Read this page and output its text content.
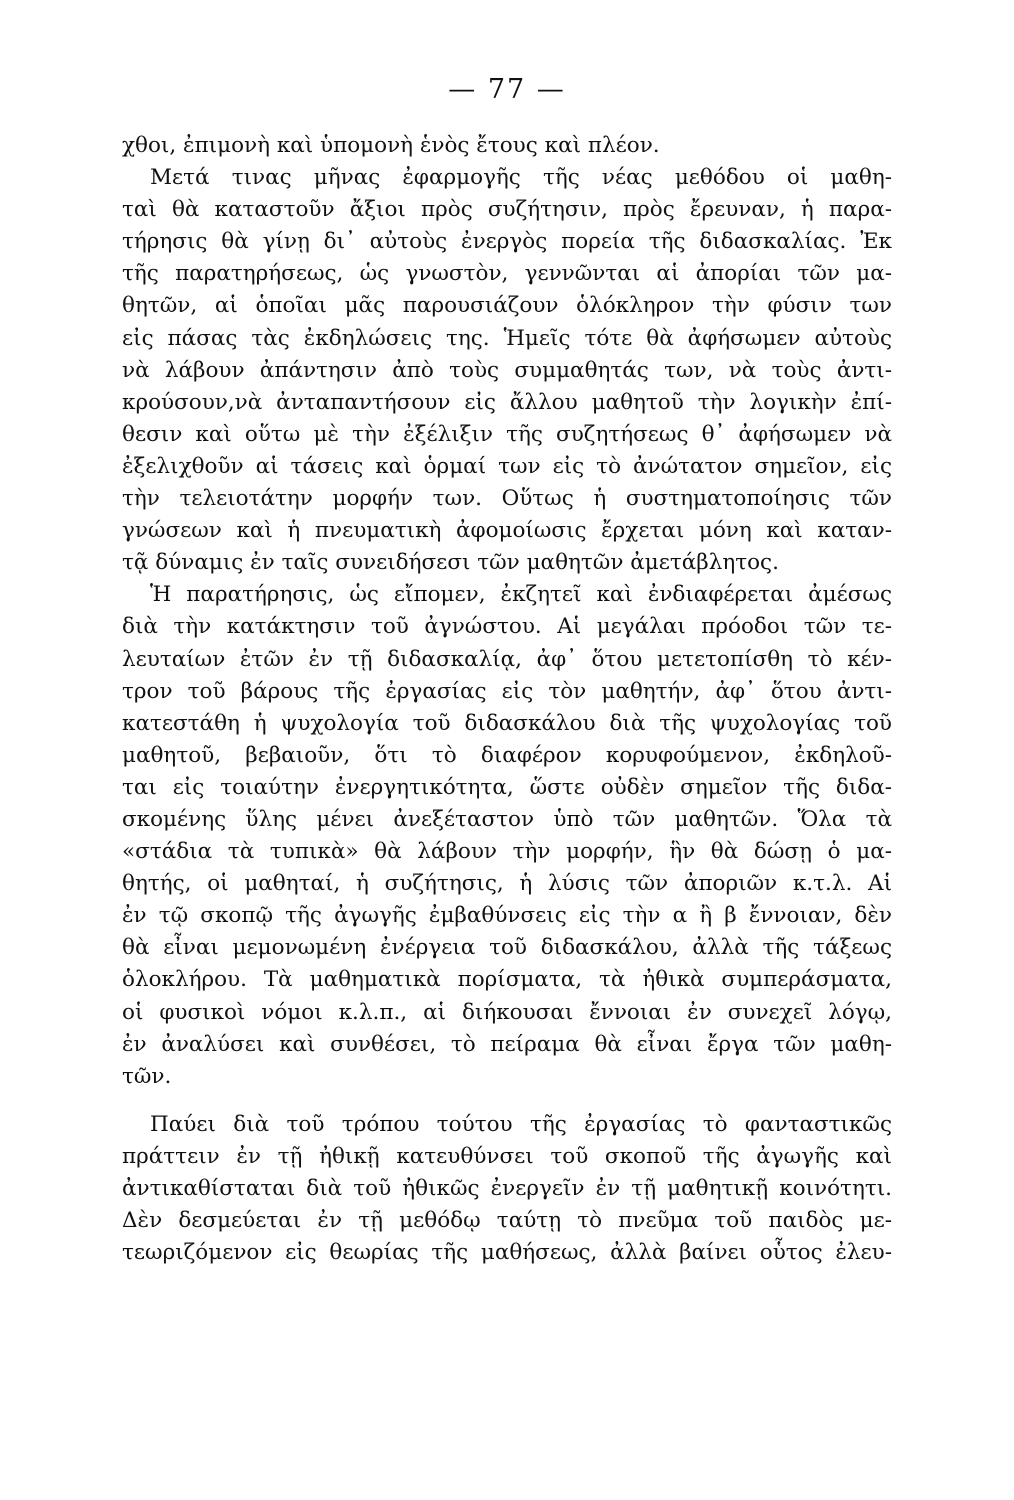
— 77 —
χθοι, ἐπιμονὴ καὶ ὑπομονὴ ἑνὸς ἔτους καὶ πλέον.
Μετά τινας μῆνας ἐφαρμογῆς τῆς νέας μεθόδου οἱ μαθη-
ταὶ θὰ καταστοῦν ἄξιοι πρὸς συζήτησιν, πρὸς ἔρευναν, ἡ παρα-
τήρησις θὰ γίνῃ δι᾽ αὐτοὺς ἐνεργὸς πορεία τῆς διδασκαλίας. Ἐκ
τῆς παρατηρήσεως, ὡς γνωστὸν, γεννῶνται αἱ ἀπορίαι τῶν μα-
θητῶν, αἱ ὁποῖαι μᾶς παρουσιάζουν ὁλόκληρον τὴν φύσιν των
εἰς πάσας τὰς ἐκδηλώσεις της. Ἡμεῖς τότε θὰ ἀφήσωμεν αὐτοὺς
νὰ λάβουν ἀπάντησιν ἀπὸ τοὺς συμμαθητάς των, νὰ τοὺς ἀντι-
κρούσουν,νὰ ἀνταπαντήσουν εἰς ἄλλου μαθητοῦ τὴν λογικὴν ἐπί-
θεσιν καὶ οὕτω μὲ τὴν ἐξέλιξιν τῆς συζητήσεως θ᾽ ἀφήσωμεν νὰ
ἐξελιχθοῦν αἱ τάσεις καὶ ὁρμαί των εἰς τὸ ἀνώτατον σημεῖον, εἰς
τὴν τελειοτάτην μορφήν των. Οὕτως ἡ συστηματοποίησις τῶν
γνώσεων καὶ ἡ πνευματικὴ ἀφομοίωσις ἔρχεται μόνη καὶ καταν-
τᾷ δύναμις ἐν ταῖς συνειδήσεσι τῶν μαθητῶν ἀμετάβλητος.
Ἡ παρατήρησις, ὡς εἴπομεν, ἐκζητεῖ καὶ ἐνδιαφέρεται ἀμέσως
διὰ τὴν κατάκτησιν τοῦ ἀγνώστου. Αἱ μεγάλαι πρόοδοι τῶν τε-
λευταίων ἐτῶν ἐν τῇ διδασκαλίᾳ, ἀφ᾽ ὅτου μετετοπίσθη τὸ κέν-
τρον τοῦ βάρους τῆς ἐργασίας εἰς τὸν μαθητήν, ἀφ᾽ ὅτου ἀντι-
κατεστάθη ἡ ψυχολογία τοῦ διδασκάλου διὰ τῆς ψυχολογίας τοῦ
μαθητοῦ, βεβαιοῦν, ὅτι τὸ διαφέρον κορυφούμενον, ἐκδηλοῦ-
ται εἰς τοιαύτην ἐνεργητικότητα, ὥστε οὐδὲν σημεῖον τῆς διδα-
σκομένης ὕλης μένει ἀνεξέταστον ὑπὸ τῶν μαθητῶν. Ὅλα τὰ
«στάδια τὰ τυπικὰ» θὰ λάβουν τὴν μορφήν, ἣν θὰ δώσῃ ὁ μα-
θητής, οἱ μαθηταί, ἡ συζήτησις, ἡ λύσις τῶν ἀποριῶν κ.τ.λ. Αἱ
ἐν τῷ σκοπῷ τῆς ἀγωγῆς ἐμβαθύνσεις εἰς τὴν α ἢ β ἔννοιαν, δὲν
θὰ εἶναι μεμονωμένη ἐνέργεια τοῦ διδασκάλου, ἀλλὰ τῆς τάξεως
ὁλοκλήρου. Τὰ μαθηματικὰ πορίσματα, τὰ ἠθικὰ συμπεράσματα,
οἱ φυσικοὶ νόμοι κ.λ.π., αἱ διήκουσαι ἔννοιαι ἐν συνεχεῖ λόγῳ,
ἐν ἀναλύσει καὶ συνθέσει, τὸ πείραμα θὰ εἶναι ἔργα τῶν μαθη-
τῶν.
Παύει διὰ τοῦ τρόπου τούτου τῆς ἐργασίας τὸ φανταστικῶς
πράττειν ἐν τῇ ἠθικῇ κατευθύνσει τοῦ σκοποῦ τῆς ἀγωγῆς καὶ
ἀντικαθίσταται διὰ τοῦ ἠθικῶς ἐνεργεῖν ἐν τῇ μαθητικῇ κοινότητι.
Δὲν δεσμεύεται ἐν τῇ μεθόδῳ ταύτῃ τὸ πνεῦμα τοῦ παιδὸς με-
τεωριζόμενον εἰς θεωρίας τῆς μαθήσεως, ἀλλὰ βαίνει οὗτος ἐλευ-
